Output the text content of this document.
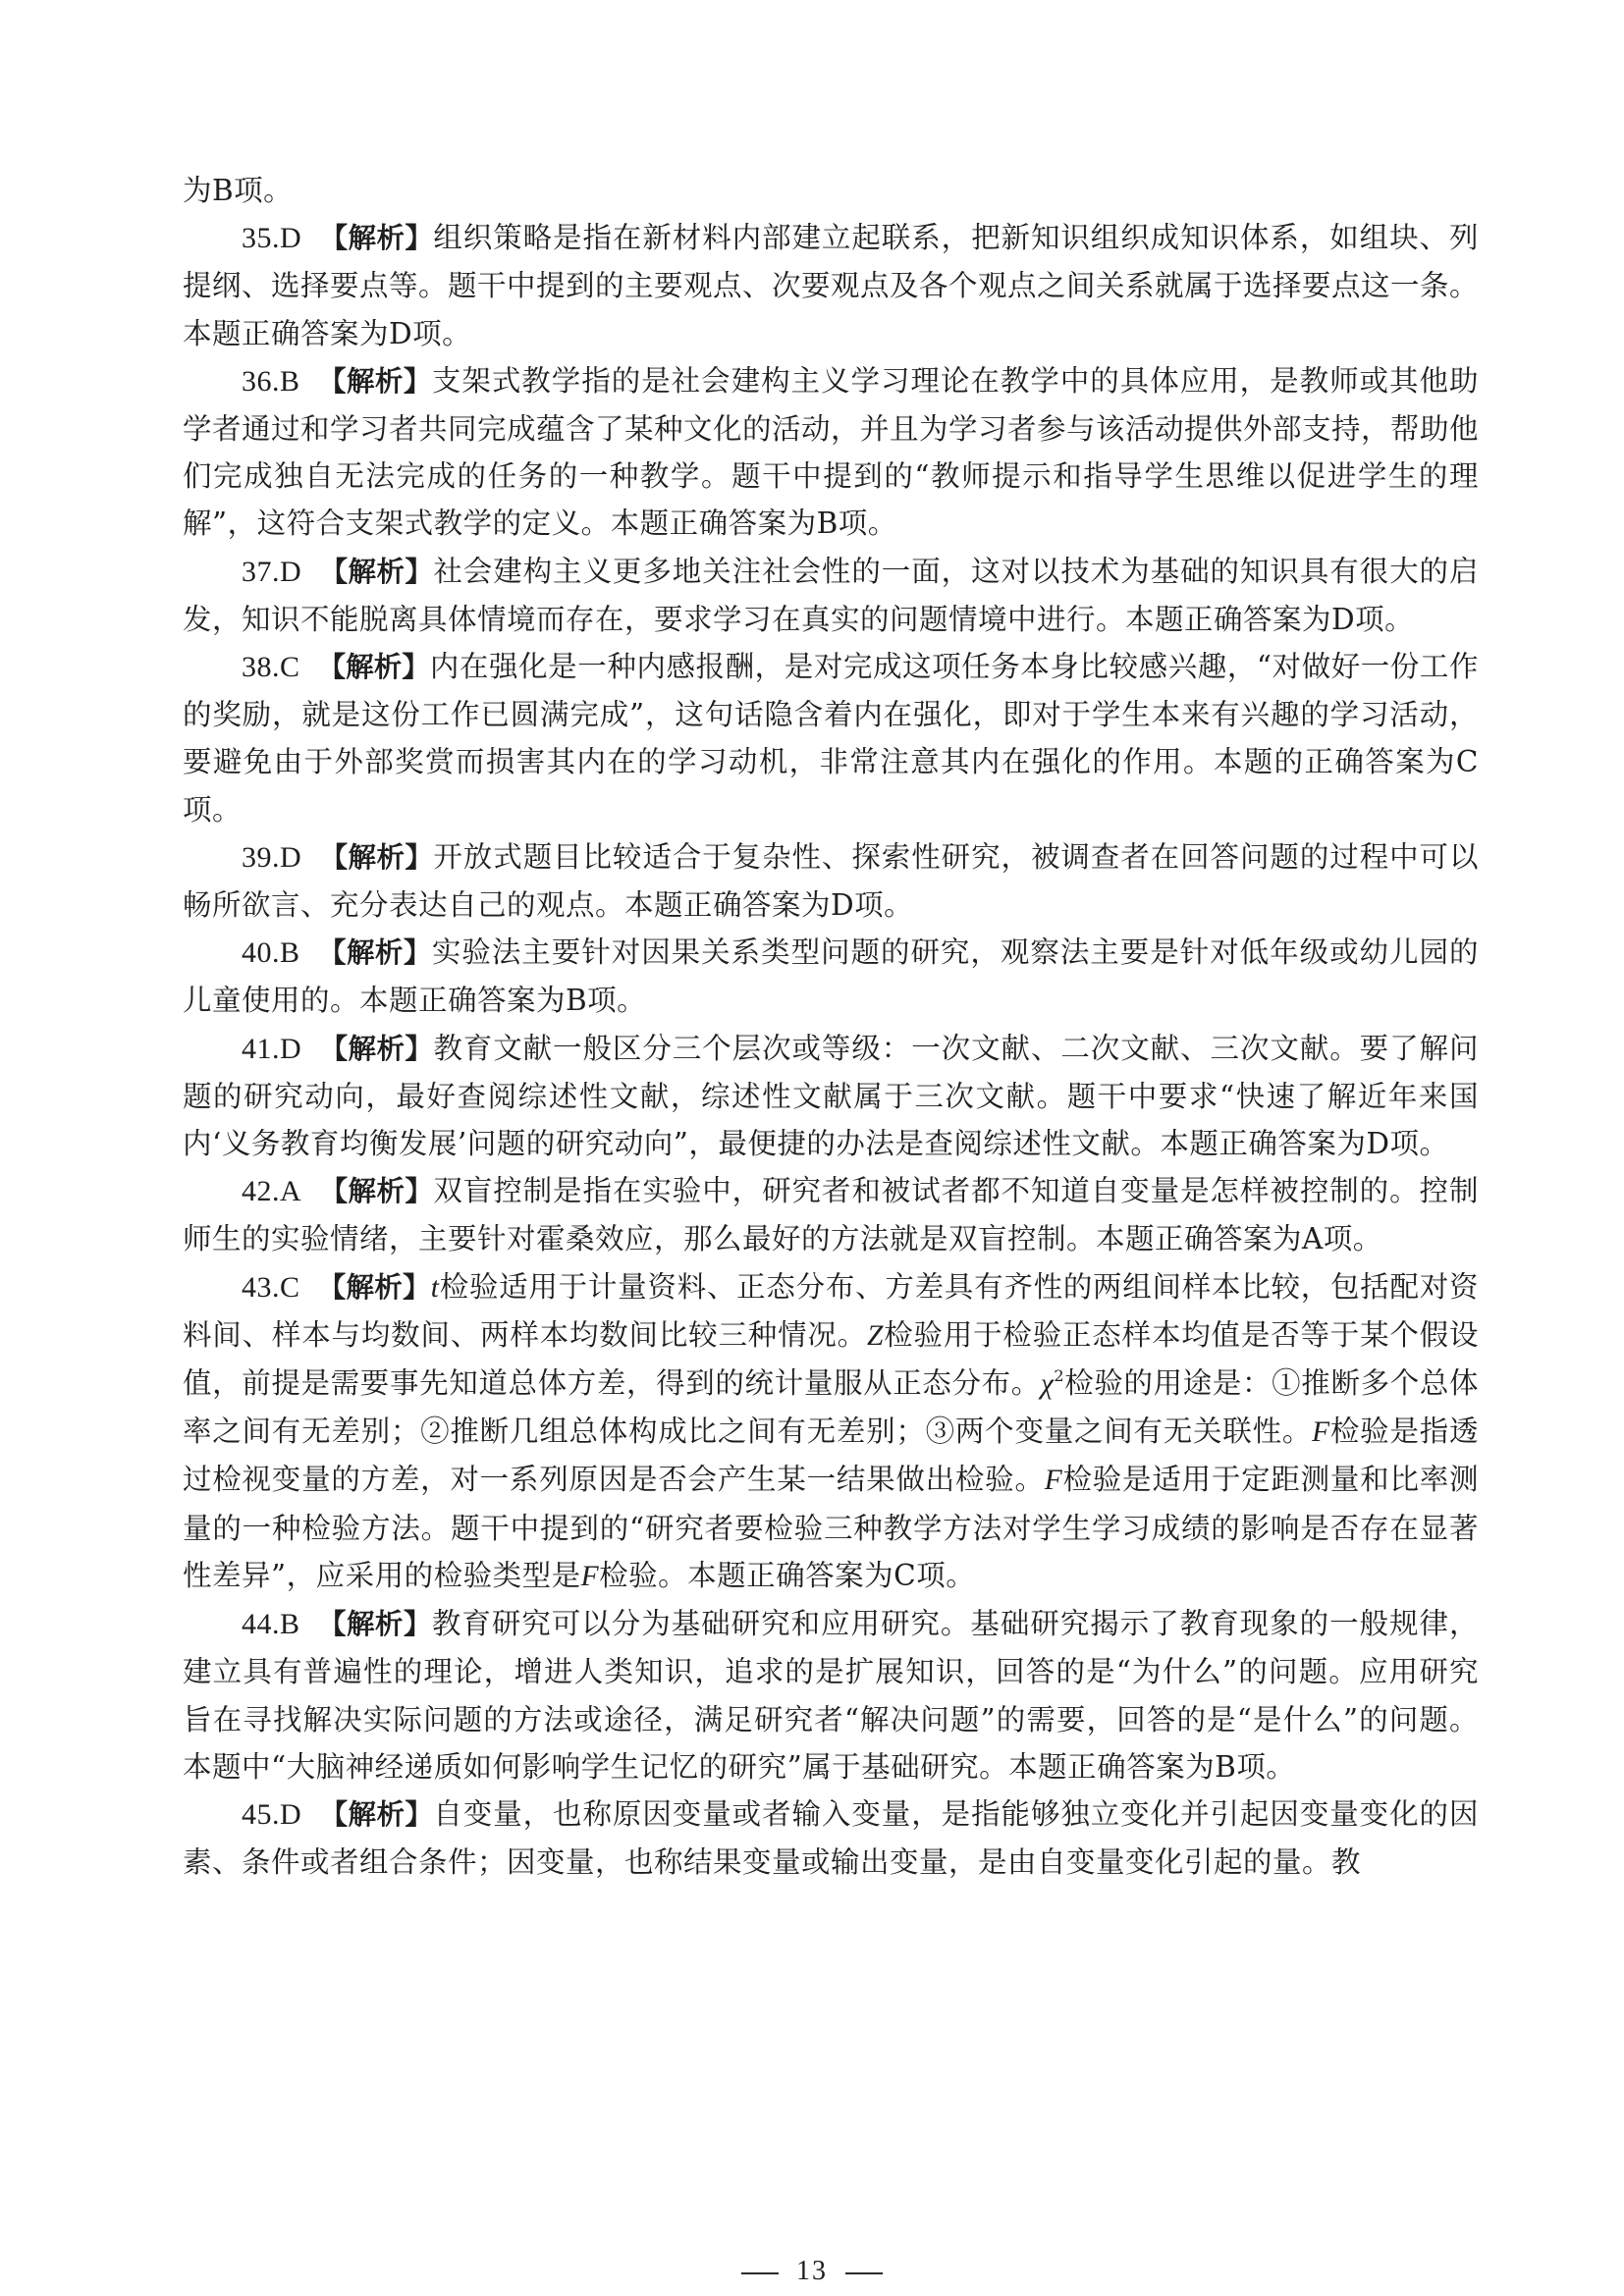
为B项。

35.D 【解析】组织策略是指在新材料内部建立起联系，把新知识组织成知识体系，如组块、列提纲、选择要点等。题干中提到的主要观点、次要观点及各个观点之间关系就属于选择要点这一条。本题正确答案为D项。

36.B 【解析】支架式教学指的是社会建构主义学习理论在教学中的具体应用，是教师或其他助学者通过和学习者共同完成蕴含了某种文化的活动，并且为学习者参与该活动提供外部支持，帮助他们完成独自无法完成的任务的一种教学。题干中提到的“教师提示和指导学生思维以促进学生的理解”，这符合支架式教学的定义。本题正确答案为B项。

37.D 【解析】社会建构主义更多地关注社会性的一面，这对以技术为基础的知识具有很大的启发，知识不能脱离具体情境而存在，要求学习在真实的问题情境中进行。本题正确答案为D项。

38.C 【解析】内在强化是一种内感报酬，是对完成这项任务本身比较感兴趣，“对做好一份工作的奖励，就是这份工作已圆满完成”，这句话隐含着内在强化，即对于学生本来有兴趣的学习活动，要避免由于外部奖赏而损害其内在的学习动机，非常注意其内在强化的作用。本题的正确答案为C项。

39.D 【解析】开放式题目比较适合于复杂性、探索性研究，被调查者在回答问题的过程中可以畅所欲言、充分表达自己的观点。本题正确答案为D项。

40.B 【解析】实验法主要针对因果关系类型问题的研究，观察法主要是针对低年级或幼儿园的儿童使用的。本题正确答案为B项。

41.D 【解析】教育文献一般区分三个层次或等级：一次文献、二次文献、三次文献。要了解问题的研究动向，最好查阅综述性文献，综述性文献属于三次文献。题干中要求“快速了解近年来国内‘义务教育均衡发展’问题的研究动向”，最便捷的办法是查阅综述性文献。本题正确答案为D项。

42.A 【解析】双盲控制是指在实验中，研究者和被试者都不知道自变量是怎样被控制的。控制师生的实验情绪，主要针对霍桑效应，那么最好的方法就是双盲控制。本题正确答案为A项。

43.C 【解析】t检验适用于计量资料、正态分布、方差具有齐性的两组间样本比较，包括配对资料间、样本与均数间、两样本均数间比较三种情况。Z检验用于检验正态样本均值是否等于某个假设值，前提是需要事先知道总体方差，得到的统计量服从正态分布。$\chi^2$检验的用途是：①推断多个总体率之间有无差别；②推断几组总体构成比之间有无差别；③两个变量之间有无关联性。F检验是指透过检视变量的方差，对一系列原因是否会产生某一结果做出检验。F检验是适用于定距测量和比率测量的一种检验方法。题干中提到的“研究者要检验三种教学方法对学生学习成绩的影响是否存在显著性差异”，应采用的检验类型是F检验。本题正确答案为C项。

44.B 【解析】教育研究可以分为基础研究和应用研究。基础研究揭示了教育现象的一般规律，建立具有普遍性的理论，增进人类知识，追求的是扩展知识，回答的是“为什么”的问题。应用研究旨在寻找解决实际问题的方法或途径，满足研究者“解决问题”的需要，回答的是“是什么”的问题。本题中“大脑神经递质如何影响学生记忆的研究”属于基础研究。本题正确答案为B项。

45.D 【解析】自变量，也称原因变量或者输入变量，是指能够独立变化并引起因变量变化的因素、条件或者组合条件；因变量，也称结果变量或输出变量，是由自变量变化引起的量。教

13
